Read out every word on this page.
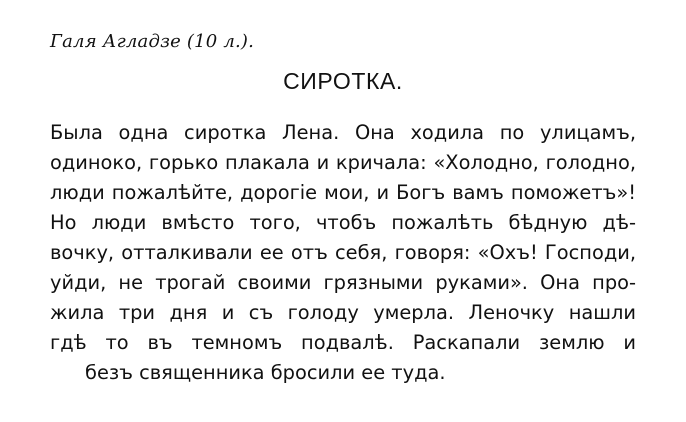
Галя Агладзе (10 л.).
СИРОТКА.
Была одна сиротка Лена. Она ходила по улицамъ,
одиноко, горько плакала и кричала: «Холодно, голодно,
люди пожалѣйте, дорогiе мои, и Богъ вамъ поможетъ»!
Но люди вмѣсто того, чтобъ пожалѣть бѣдную дѣ-
вочку, отталкивали ее отъ себя, говоря: «Охъ! Господи,
уйди, не трогай своими грязными руками». Она про-
жила три дня и съ голоду умерла. Леночку нашли
гдѣ то въ темномъ подвалѣ. Раскапали землю и
безъ священника бросили ее туда.
